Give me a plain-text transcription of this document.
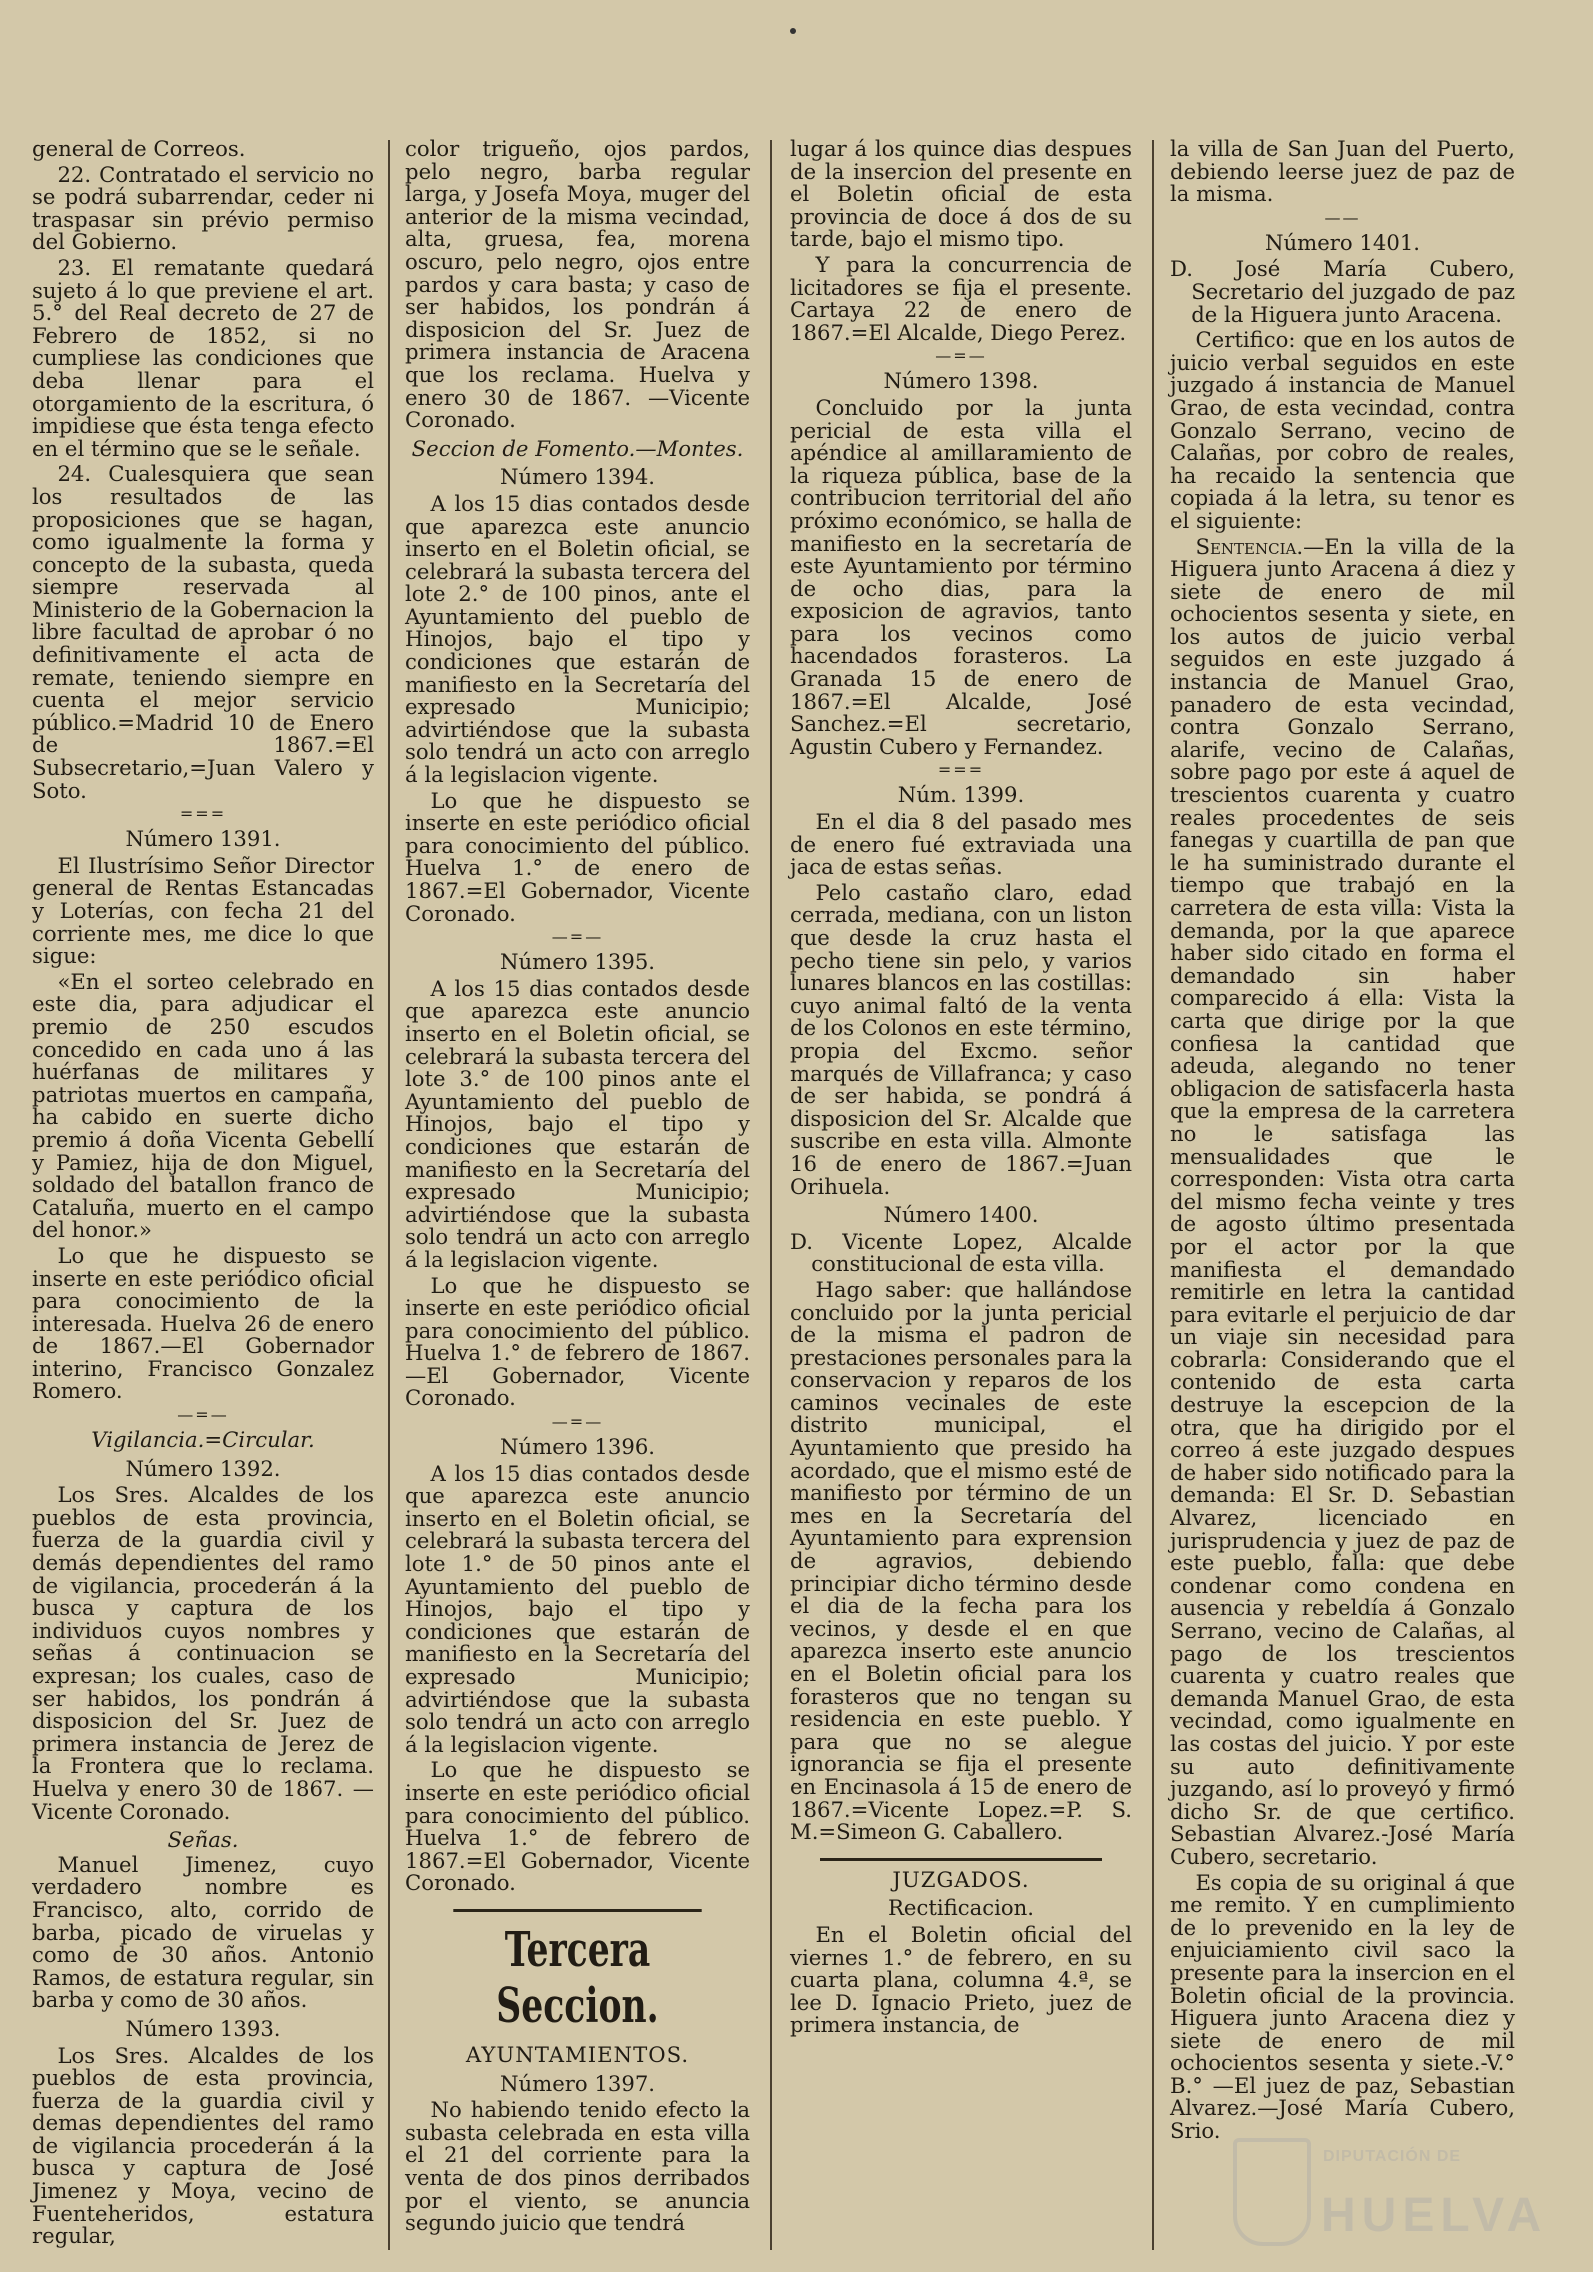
general de Correos.

22. Contratado el servicio no se podrá subarrendar, ceder ni traspasar sin prévio permiso del Gobierno.

23. El rematante quedará sujeto á lo que previene el art. 5.° del Real decreto de 27 de Febrero de 1852, si no cumpliese las condiciones que deba llenar para el otorgamiento de la escritura, ó impidiese que ésta tenga efecto en el término que se le señale.

24. Cualesquiera que sean los resultados de las proposiciones que se hagan, como igualmente la forma y concepto de la subasta, queda siempre reservada al Ministerio de la Gobernacion la libre facultad de aprobar ó no definitivamente el acta de remate, teniendo siempre en cuenta el mejor servicio público.=Madrid 10 de Enero de 1867.=El Subsecretario,=Juan Valero y Soto.

===
Número 1391.

El Ilustrísimo Señor Director general de Rentas Estancadas y Loterías, con fecha 21 del corriente mes, me dice lo que sigue:

«En el sorteo celebrado en este dia, para adjudicar el premio de 250 escudos concedido en cada uno á las huérfanas de militares y patriotas muertos en campaña, ha cabido en suerte dicho premio á doña Vicenta Gebellí y Pamiez, hija de don Miguel, soldado del batallon franco de Cataluña, muerto en el campo del honor.»

Lo que he dispuesto se inserte en este periódico oficial para conocimiento de la interesada. Huelva 26 de enero de 1867.—El Gobernador interino, Francisco Gonzalez Romero.

—=—
Vigilancia.=Circular.
Número 1392.

Los Sres. Alcaldes de los pueblos de esta provincia, fuerza de la guardia civil y demás dependientes del ramo de vigilancia, procederán á la busca y captura de los individuos cuyos nombres y señas á continuacion se expresan; los cuales, caso de ser habidos, los pondrán á disposicion del Sr. Juez de primera instancia de Jerez de la Frontera que lo reclama. Huelva y enero 30 de 1867. —Vicente Coronado.

Señas.

Manuel Jimenez, cuyo verdadero nombre es Francisco, alto, corrido de barba, picado de viruelas y como de 30 años. Antonio Ramos, de estatura regular, sin barba y como de 30 años.

Número 1393.

Los Sres. Alcaldes de los pueblos de esta provincia, fuerza de la guardia civil y demas dependientes del ramo de vigilancia procederán á la busca y captura de José Jimenez y Moya, vecino de Fuenteheridos, estatura regular,

color trigueño, ojos pardos, pelo negro, barba regular larga, y Josefa Moya, muger del anterior de la misma vecindad, alta, gruesa, fea, morena oscuro, pelo negro, ojos entre pardos y cara basta; y caso de ser habidos, los pondrán á disposicion del Sr. Juez de primera instancia de Aracena que los reclama. Huelva y enero 30 de 1867. —Vicente Coronado.

Seccion de Fomento.—Montes.
Número 1394.

A los 15 dias contados desde que aparezca este anuncio inserto en el Boletin oficial, se celebrará la subasta tercera del lote 2.° de 100 pinos, ante el Ayuntamiento del pueblo de Hinojos, bajo el tipo y condiciones que estarán de manifiesto en la Secretaría del expresado Municipio; advirtiéndose que la subasta solo tendrá un acto con arreglo á la legislacion vigente.

Lo que he dispuesto se inserte en este periódico oficial para conocimiento del público. Huelva 1.° de enero de 1867.=El Gobernador, Vicente Coronado.

—=—
Número 1395.

A los 15 dias contados desde que aparezca este anuncio inserto en el Boletin oficial, se celebrará la subasta tercera del lote 3.° de 100 pinos ante el Ayuntamiento del pueblo de Hinojos, bajo el tipo y condiciones que estarán de manifiesto en la Secretaría del expresado Municipio; advirtiéndose que la subasta solo tendrá un acto con arreglo á la legislacion vigente.

Lo que he dispuesto se inserte en este periódico oficial para conocimiento del público. Huelva 1.° de febrero de 1867.—El Gobernador, Vicente Coronado.

—=—
Número 1396.

A los 15 dias contados desde que aparezca este anuncio inserto en el Boletin oficial, se celebrará la subasta tercera del lote 1.° de 50 pinos ante el Ayuntamiento del pueblo de Hinojos, bajo el tipo y condiciones que estarán de manifiesto en la Secretaría del expresado Municipio; advirtiéndose que la subasta solo tendrá un acto con arreglo á la legislacion vigente.

Lo que he dispuesto se inserte en este periódico oficial para conocimiento del público. Huelva 1.° de febrero de 1867.=El Gobernador, Vicente Coronado.

Tercera Seccion.
AYUNTAMIENTOS.
Número 1397.

No habiendo tenido efecto la subasta celebrada en esta villa el 21 del corriente para la venta de dos pinos derribados por el viento, se anuncia segundo juicio que tendrá

lugar á los quince dias despues de la insercion del presente en el Boletin oficial de esta provincia de doce á dos de su tarde, bajo el mismo tipo.

Y para la concurrencia de licitadores se fija el presente. Cartaya 22 de enero de 1867.=El Alcalde, Diego Perez.

—=—
Número 1398.

Concluido por la junta pericial de esta villa el apéndice al amillaramiento de la riqueza pública, base de la contribucion territorial del año próximo económico, se halla de manifiesto en la secretaría de este Ayuntamiento por término de ocho dias, para la exposicion de agravios, tanto para los vecinos como hacendados forasteros. La Granada 15 de enero de 1867.=El Alcalde, José Sanchez.=El secretario, Agustin Cubero y Fernandez.

===
Núm. 1399.

En el dia 8 del pasado mes de enero fué extraviada una jaca de estas señas.

Pelo castaño claro, edad cerrada, mediana, con un liston que desde la cruz hasta el pecho tiene sin pelo, y varios lunares blancos en las costillas: cuyo animal faltó de la venta de los Colonos en este término, propia del Excmo. señor marqués de Villafranca; y caso de ser habida, se pondrá á disposicion del Sr. Alcalde que suscribe en esta villa. Almonte 16 de enero de 1867.=Juan Orihuela.

Número 1400.

D. Vicente Lopez, Alcalde constitucional de esta villa.

Hago saber: que hallándose concluido por la junta pericial de la misma el padron de prestaciones personales para la conservacion y reparos de los caminos vecinales de este distrito municipal, el Ayuntamiento que presido ha acordado, que el mismo esté de manifiesto por término de un mes en la Secretaría del Ayuntamiento para exprension de agravios, debiendo principiar dicho término desde el dia de la fecha para los vecinos, y desde el en que aparezca inserto este anuncio en el Boletin oficial para los forasteros que no tengan su residencia en este pueblo. Y para que no se alegue ignorancia se fija el presente en Encinasola á 15 de enero de 1867.=Vicente Lopez.=P. S. M.=Simeon G. Caballero.

JUZGADOS.
Rectificacion.

En el Boletin oficial del viernes 1.° de febrero, en su cuarta plana, columna 4.ª, se lee D. Ignacio Prieto, juez de primera instancia, de

la villa de San Juan del Puerto, debiendo leerse juez de paz de la misma.

——
Número 1401.

D. José María Cubero, Secretario del juzgado de paz de la Higuera junto Aracena.

Certifico: que en los autos de juicio verbal seguidos en este juzgado á instancia de Manuel Grao, de esta vecindad, contra Gonzalo Serrano, vecino de Calañas, por cobro de reales, ha recaido la sentencia que copiada á la letra, su tenor es el siguiente:

Sentencia.—En la villa de la Higuera junto Aracena á diez y siete de enero de mil ochocientos sesenta y siete, en los autos de juicio verbal seguidos en este juzgado á instancia de Manuel Grao, panadero de esta vecindad, contra Gonzalo Serrano, alarife, vecino de Calañas, sobre pago por este á aquel de trescientos cuarenta y cuatro reales procedentes de seis fanegas y cuartilla de pan que le ha suministrado durante el tiempo que trabajó en la carretera de esta villa: Vista la demanda, por la que aparece haber sido citado en forma el demandado sin haber comparecido á ella: Vista la carta que dirige por la que confiesa la cantidad que adeuda, alegando no tener obligacion de satisfacerla hasta que la empresa de la carretera no le satisfaga las mensualidades que le corresponden: Vista otra carta del mismo fecha veinte y tres de agosto último presentada por el actor por la que manifiesta el demandado remitirle en letra la cantidad para evitarle el perjuicio de dar un viaje sin necesidad para cobrarla: Considerando que el contenido de esta carta destruye la escepcion de la otra, que ha dirigido por el correo á este juzgado despues de haber sido notificado para la demanda: El Sr. D. Sebastian Alvarez, licenciado en jurisprudencia y juez de paz de este pueblo, falla: que debe condenar como condena en ausencia y rebeldía á Gonzalo Serrano, vecino de Calañas, al pago de los trescientos cuarenta y cuatro reales que demanda Manuel Grao, de esta vecindad, como igualmente en las costas del juicio. Y por este su auto definitivamente juzgando, así lo proveyó y firmó dicho Sr. de que certifico. Sebastian Alvarez.-José María Cubero, secretario.

Es copia de su original á que me remito. Y en cumplimiento de lo prevenido en la ley de enjuiciamiento civil saco la presente para la insercion en el Boletin oficial de la provincia. Higuera junto Aracena diez y siete de enero de mil ochocientos sesenta y siete.-V.° B.° —El juez de paz, Sebastian Alvarez.—José María Cubero, Srio.

DIPUTACIÓN DE
HUELVA
